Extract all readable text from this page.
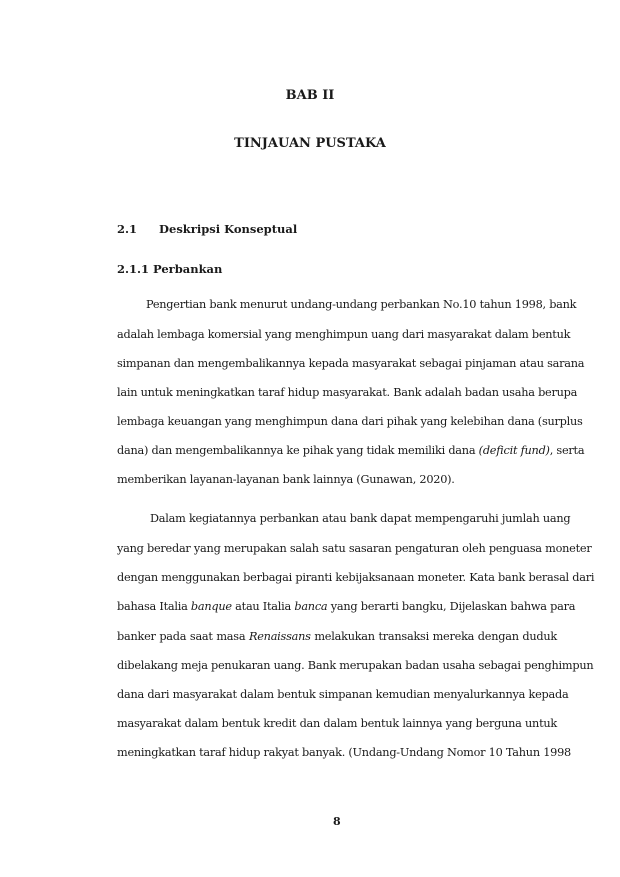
BAB II
TINJAUAN PUSTAKA
2.1 Deskripsi Konseptual
2.1.1 Perbankan
Pengertian bank menurut undang-undang perbankan No.10 tahun 1998, bank
adalah lembaga komersial yang menghimpun uang dari masyarakat dalam bentuk
simpanan dan mengembalikannya kepada masyarakat sebagai pinjaman atau sarana
lain untuk meningkatkan taraf hidup masyarakat. Bank adalah badan usaha berupa
lembaga keuangan yang menghimpun dana dari pihak yang kelebihan dana (surplus
dana) dan mengembalikannya ke pihak yang tidak memiliki dana (deficit fund), serta
memberikan layanan-layanan bank lainnya (Gunawan, 2020).
Dalam kegiatannya perbankan atau bank dapat mempengaruhi jumlah uang
yang beredar yang merupakan salah satu sasaran pengaturan oleh penguasa moneter
dengan menggunakan berbagai piranti kebijaksanaan moneter. Kata bank berasal dari
bahasa Italia banque atau Italia banca yang berarti bangku, Dijelaskan bahwa para
banker pada saat masa Renaissans melakukan transaksi mereka dengan duduk
dibelakang meja penukaran uang. Bank merupakan badan usaha sebagai penghimpun
dana dari masyarakat dalam bentuk simpanan kemudian menyalurkannya kepada
masyarakat dalam bentuk kredit dan dalam bentuk lainnya yang berguna untuk
meningkatkan taraf hidup rakyat banyak. (Undang-Undang Nomor 10 Tahun 1998
8
